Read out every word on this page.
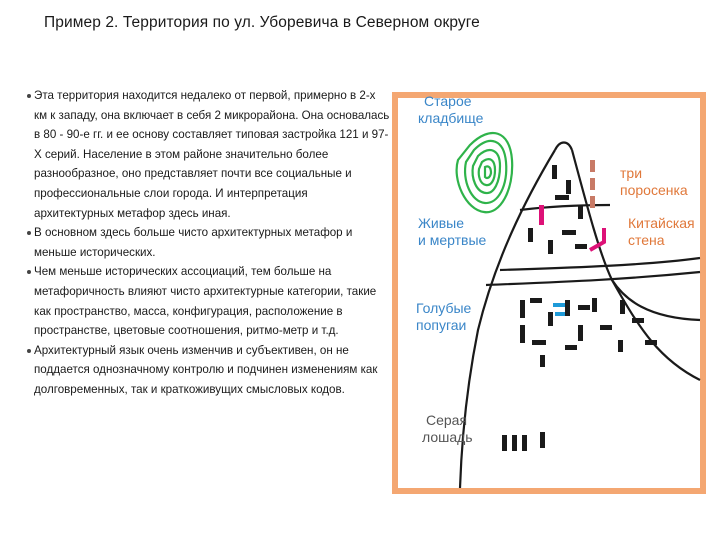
Пример 2. Территория по ул. Уборевича в Северном округе
Эта территория находится недалеко от первой, примерно в 2-х км к западу, она включает в себя 2 микрорайона. Она основалась в 80 - 90-е гг. и ее основу составляет типовая застройка 121 и 97-Х серий. Население в этом районе значительно более разнообразное, оно представляет почти все социальные и профессиональные слои города. И интерпретация архитектурных метафор здесь иная.
В основном здесь больше чисто архитектурных метафор и меньше исторических.
Чем меньше исторических ассоциаций, тем больше на метафоричность влияют чисто архитектурные категории, такие как пространство, масса, конфигурация, расположение в пространстве, цветовые соотношения, ритмо-метр и т.д.
Архитектурный язык очень изменчив и субъективен, он не поддается однозначному контролю и подчинен изменениям как долговременных, так и краткоживущих смысловых кодов.
Старое кладбище
три поросенка
Живые и мертвые
Китайская стена
Голубые попугаи
Серая лошадь
